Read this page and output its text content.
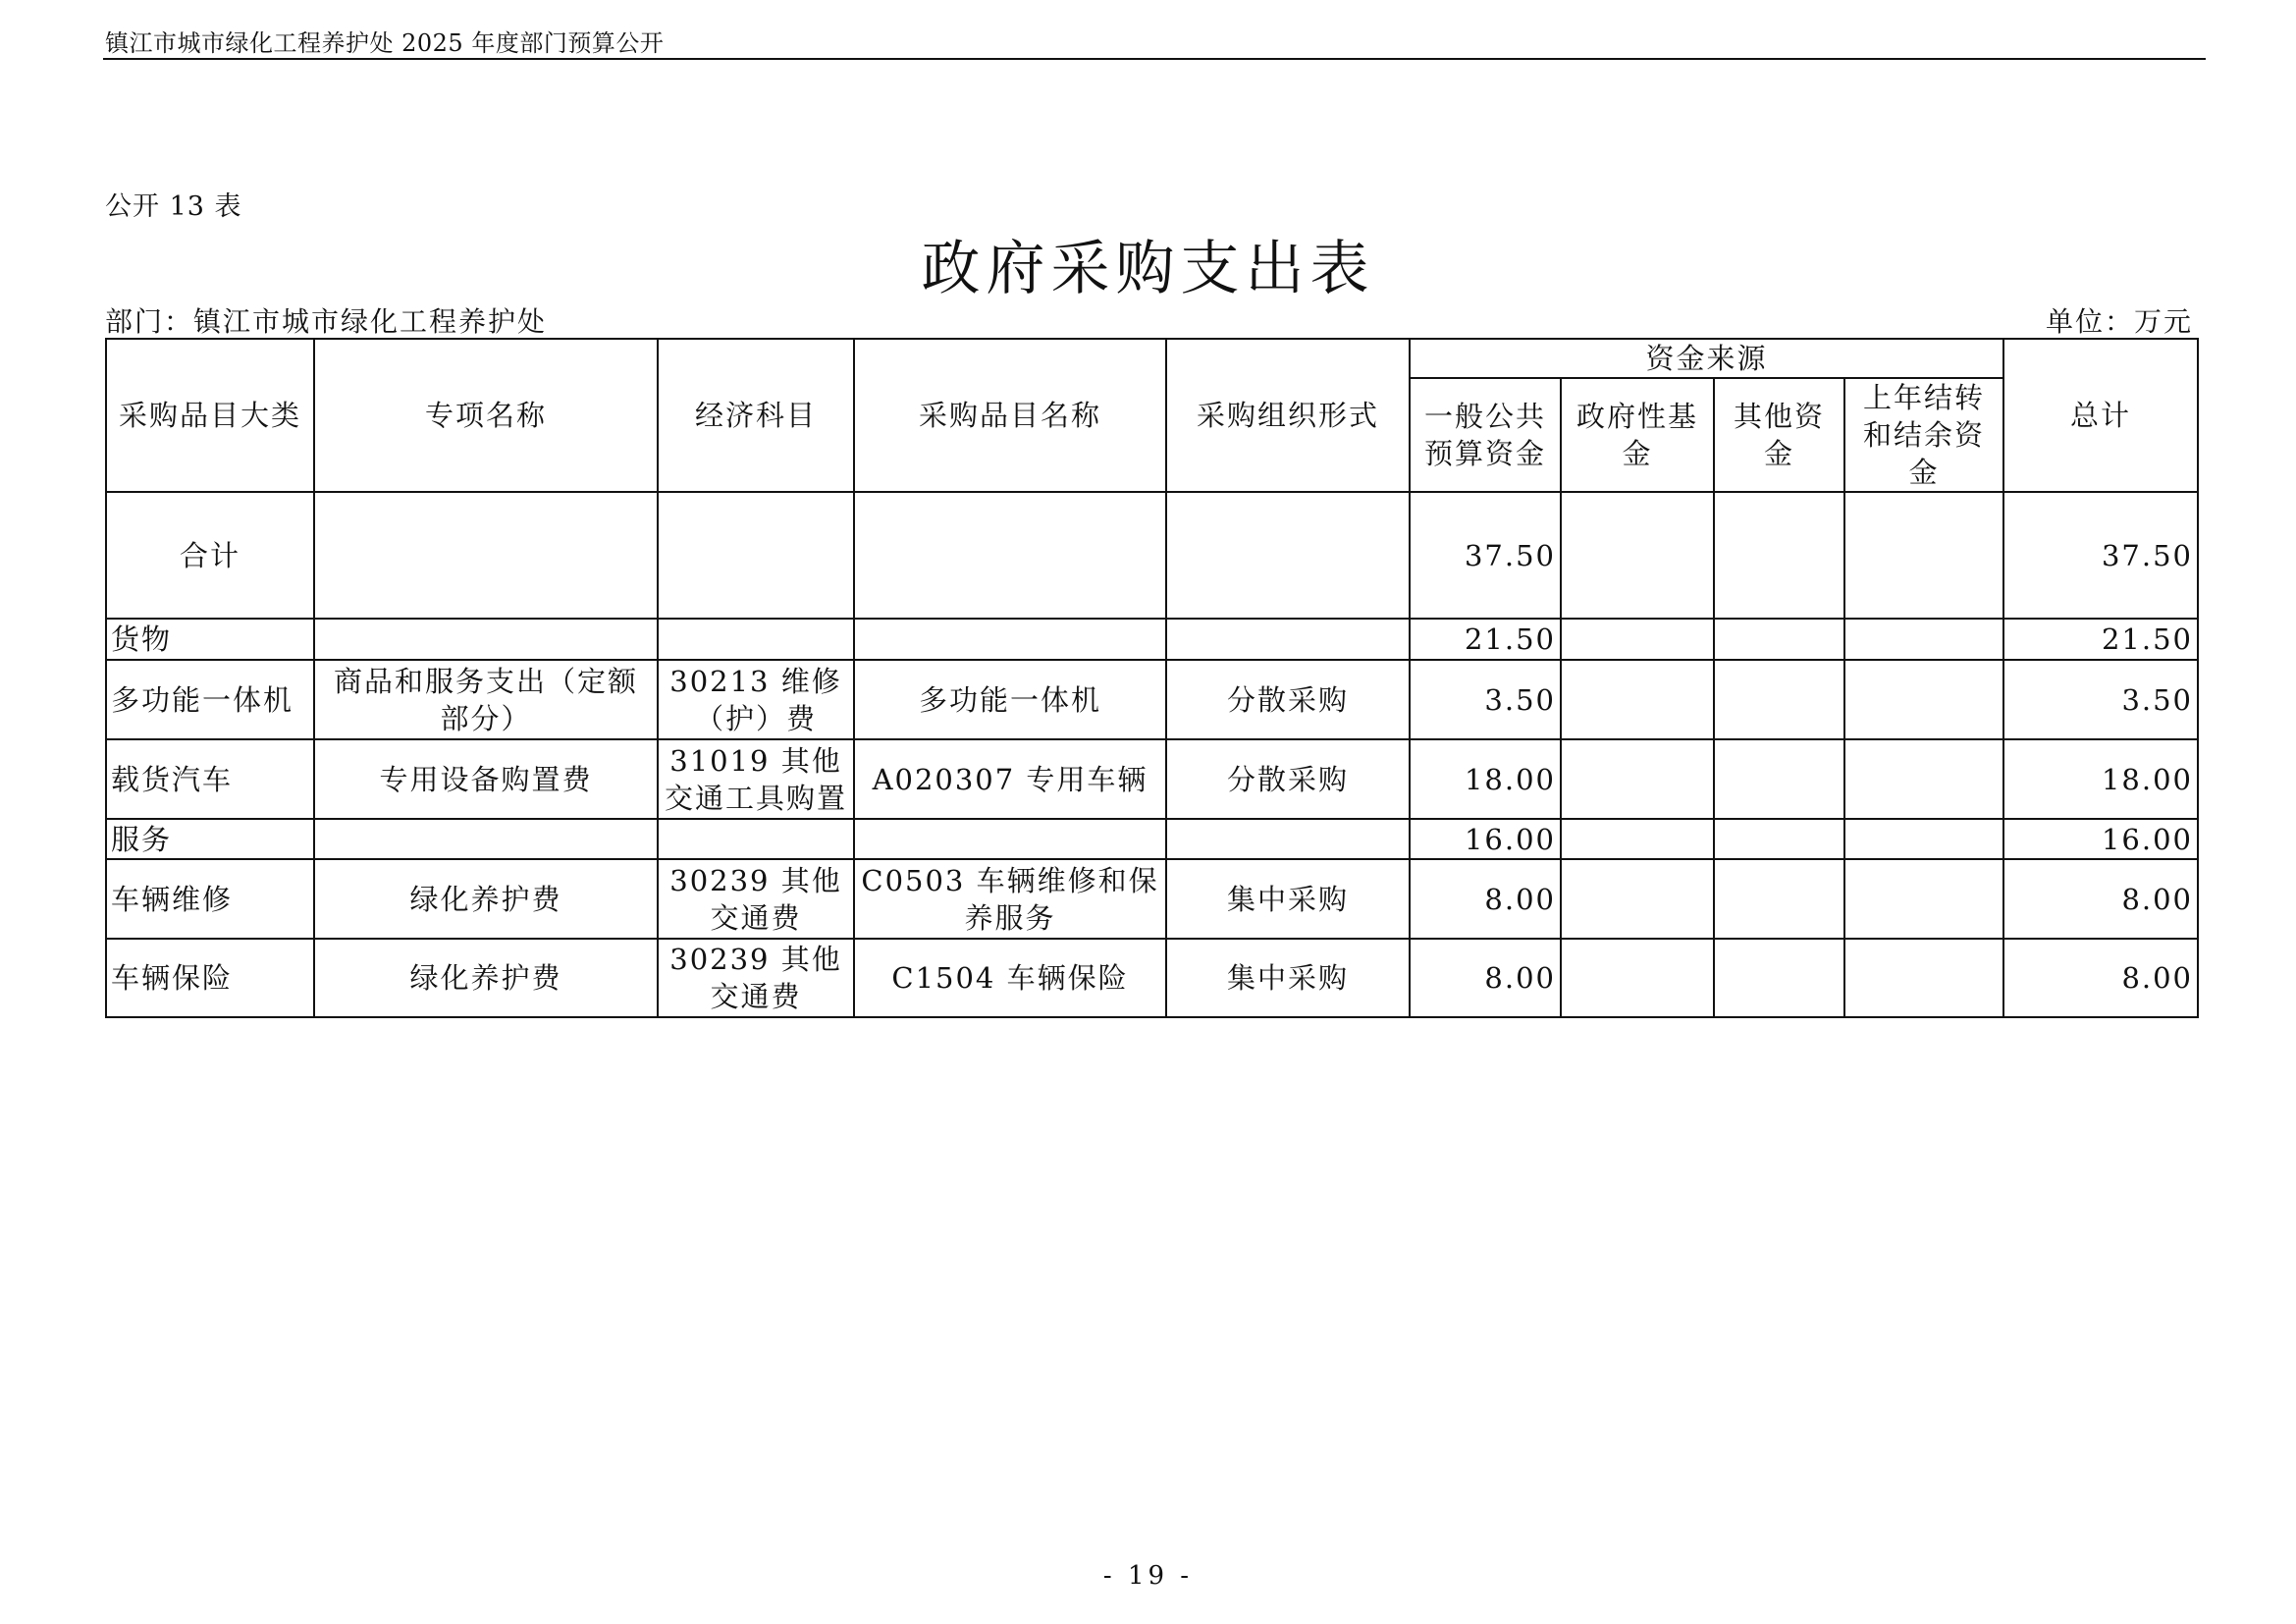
镇江市城市绿化工程养护处 2025 年度部门预算公开
公开 13 表
政府采购支出表
部门：镇江市城市绿化工程养护处	单位：万元
采购品目大类	专项名称	经济科目	采购品目名称	采购组织形式	资金来源				总计
					一般公共预算资金	政府性基金	其他资金	上年结转和结余资金	
合计					37.50				37.50
货物					21.50				21.50
多功能一体机	商品和服务支出（定额部分）	30213 维修（护）费	多功能一体机	分散采购	3.50				3.50
载货汽车	专用设备购置费	31019 其他交通工具购置	A020307 专用车辆	分散采购	18.00				18.00
服务					16.00				16.00
车辆维修	绿化养护费	30239 其他交通费	C0503 车辆维修和保养服务	集中采购	8.00				8.00
车辆保险	绿化养护费	30239 其他交通费	C1504 车辆保险	集中采购	8.00				8.00
- 19 -
